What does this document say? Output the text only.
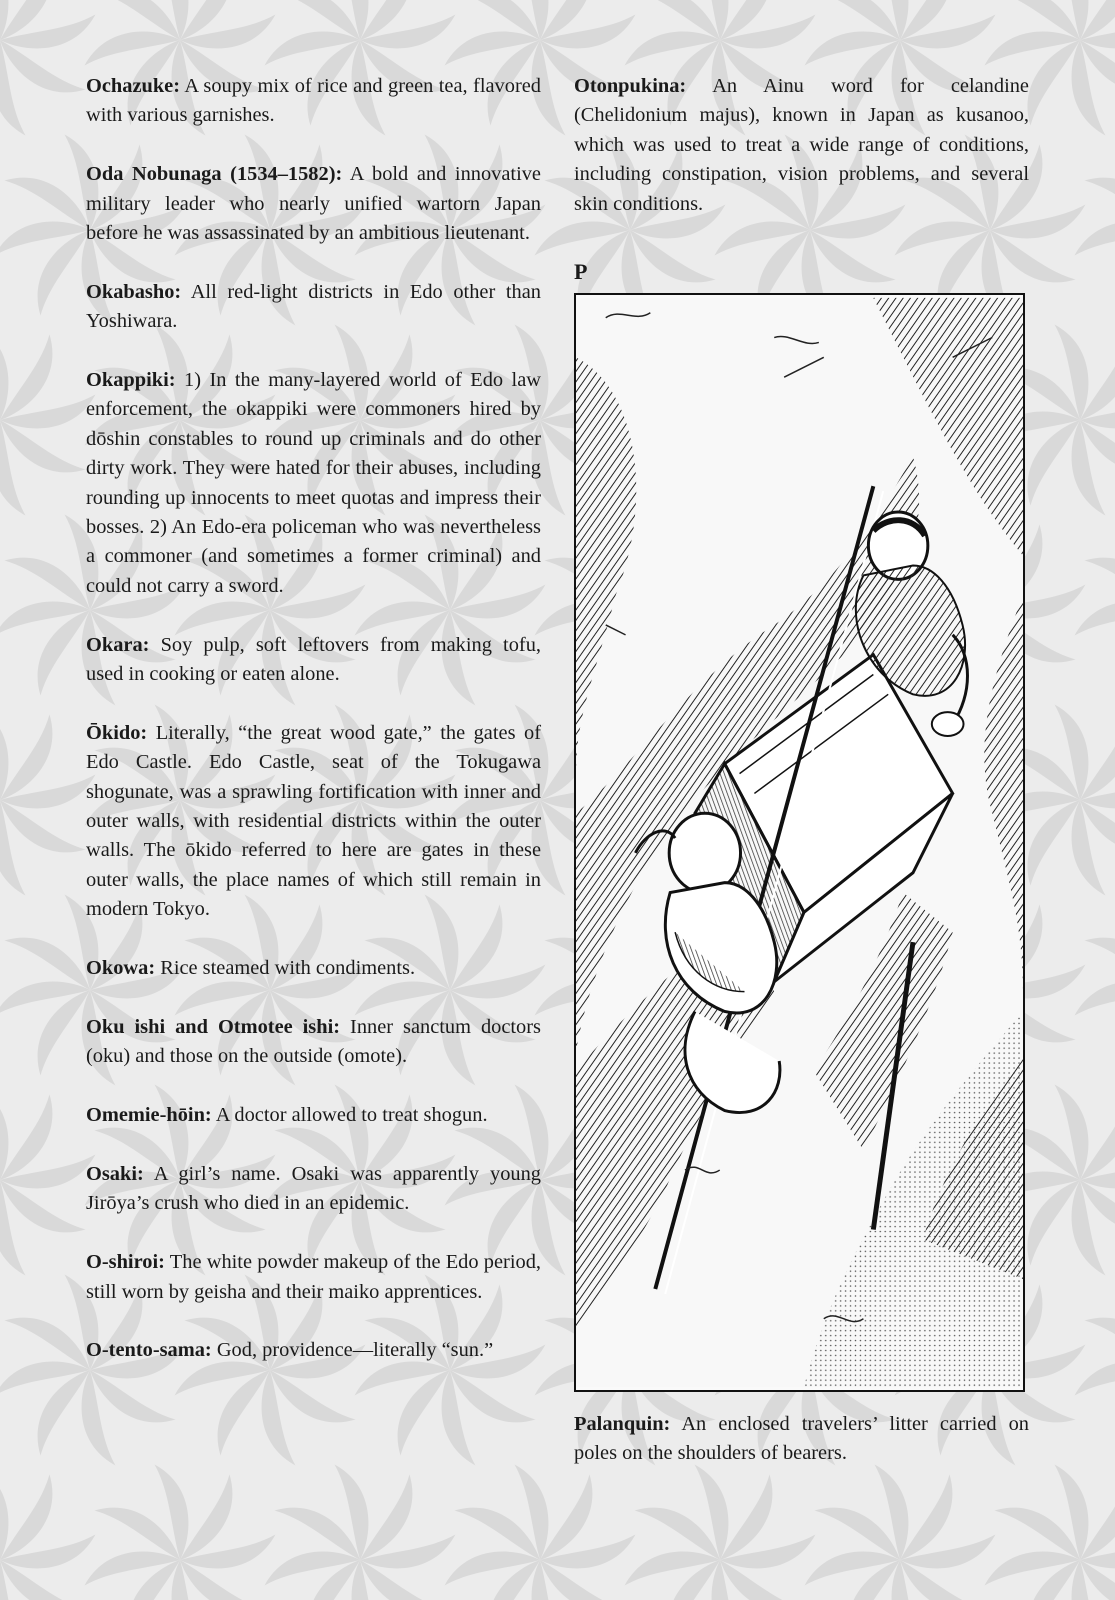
Ochazuke: A soupy mix of rice and green tea, flavored with various garnishes.

Oda Nobunaga (1534–1582): A bold and innovative military leader who nearly unified wartorn Japan before he was assassinated by an ambitious lieutenant.

Okabasho: All red-light districts in Edo other than Yoshiwara.

Okappiki: 1) In the many-layered world of Edo law enforcement, the okappiki were commoners hired by dōshin constables to round up criminals and do other dirty work. They were hated for their abuses, including rounding up innocents to meet quotas and impress their bosses. 2) An Edo-era policeman who was nevertheless a commoner (and sometimes a former criminal) and could not carry a sword.

Okara: Soy pulp, soft leftovers from making tofu, used in cooking or eaten alone.

Ōkido: Literally, “the great wood gate,” the gates of Edo Castle. Edo Castle, seat of the Tokugawa shogunate, was a sprawling fortification with inner and outer walls, with residential districts within the outer walls. The ōkido referred to here are gates in these outer walls, the place names of which still remain in modern Tokyo.

Okowa: Rice steamed with condiments.

Oku ishi and Otmotee ishi: Inner sanctum doctors (oku) and those on the outside (omote).

Omemie-hōin: A doctor allowed to treat shogun.

Osaki: A girl’s name. Osaki was apparently young Jirōya’s crush who died in an epidemic.

O-shiroi: The white powder makeup of the Edo period, still worn by geisha and their maiko apprentices.

O-tento-sama: God, providence—literally “sun.”

Otonpukina: An Ainu word for celandine (Chelidonium majus), known in Japan as kusanoo, which was used to treat a wide range of conditions, including constipation, vision problems, and several skin conditions.

P

Palanquin: An enclosed travelers’ litter carried on poles on the shoulders of bearers.
